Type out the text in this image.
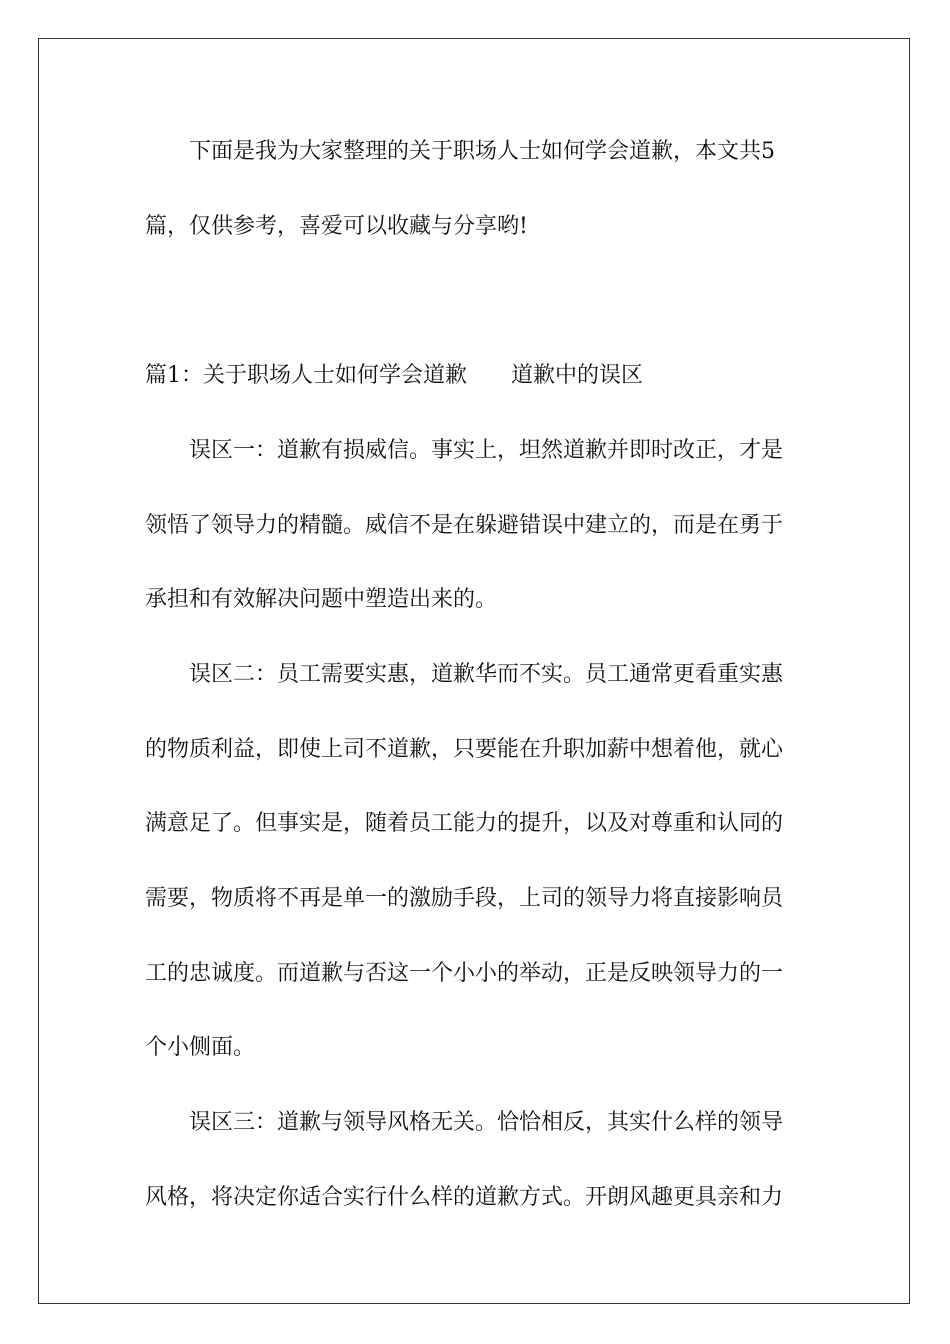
下面是我为大家整理的关于职场人士如何学会道歉，本文共5
篇，仅供参考，喜爱可以收藏与分享哟!
篇1：关于职场人士如何学会道歉　　道歉中的误区
误区一：道歉有损威信。事实上，坦然道歉并即时改正，才是
领悟了领导力的精髓。威信不是在躲避错误中建立的，而是在勇于
承担和有效解决问题中塑造出来的。
误区二：员工需要实惠，道歉华而不实。员工通常更看重实惠
的物质利益，即使上司不道歉，只要能在升职加薪中想着他，就心
满意足了。但事实是，随着员工能力的提升，以及对尊重和认同的
需要，物质将不再是单一的激励手段，上司的领导力将直接影响员
工的忠诚度。而道歉与否这一个小小的举动，正是反映领导力的一
个小侧面。
误区三：道歉与领导风格无关。恰恰相反，其实什么样的领导
风格，将决定你适合实行什么样的道歉方式。开朗风趣更具亲和力
